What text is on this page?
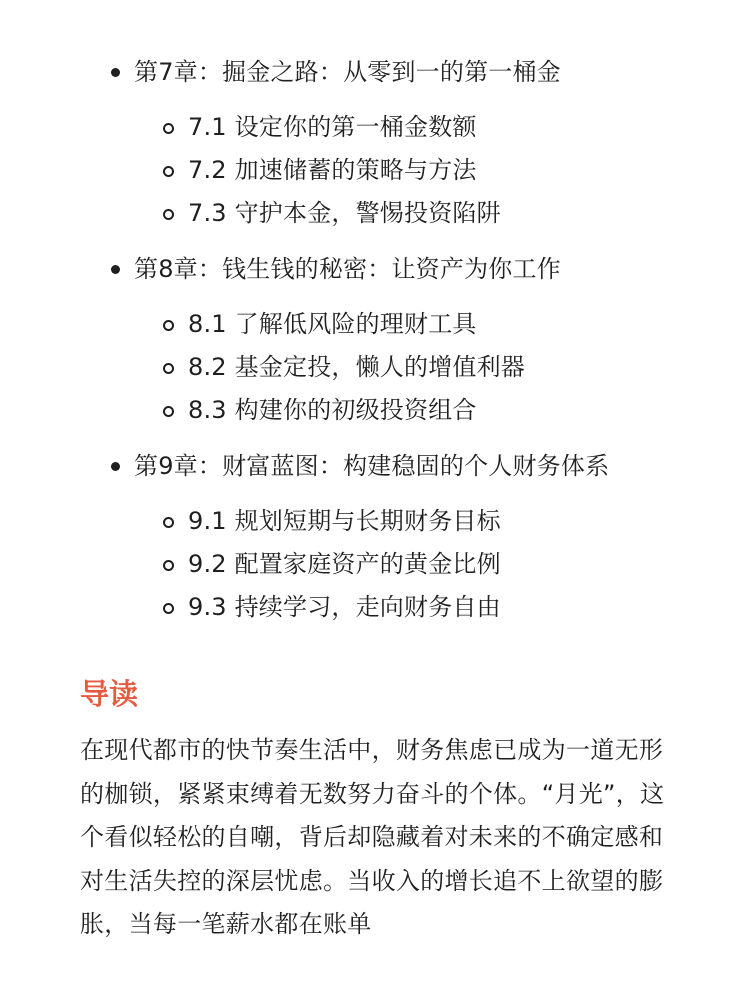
第7章：掘金之路：从零到一的第一桶金
7.1 设定你的第一桶金数额
7.2 加速储蓄的策略与方法
7.3 守护本金，警惕投资陷阱
第8章：钱生钱的秘密：让资产为你工作
8.1 了解低风险的理财工具
8.2 基金定投，懒人的增值利器
8.3 构建你的初级投资组合
第9章：财富蓝图：构建稳固的个人财务体系
9.1 规划短期与长期财务目标
9.2 配置家庭资产的黄金比例
9.3 持续学习，走向财务自由
导读

在现代都市的快节奏生活中，财务焦虑已成为一道无形的枷锁，紧紧束缚着无数努力奋斗的个体。“月光”，这个看似轻松的自嘲，背后却隐藏着对未来的不确定感和对生活失控的深层忧虑。当收入的增长追不上欲望的膨胀，当每一笔薪水都在账单
